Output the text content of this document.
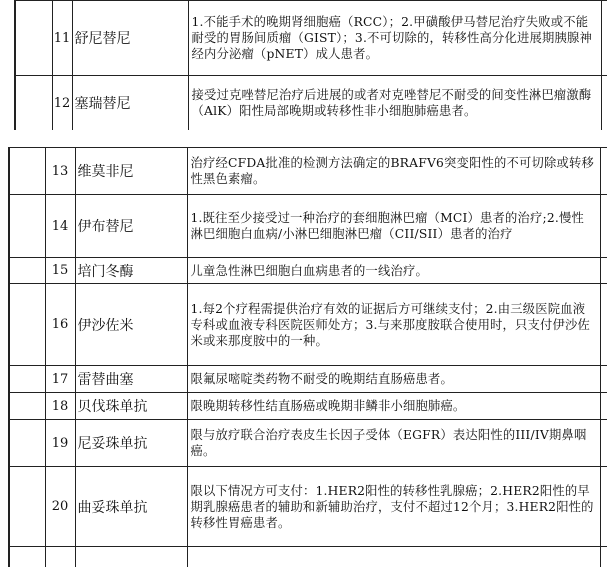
	11	舒尼替尼	1.不能手术的晚期肾细胞癌（RCC）；2.甲磺酸伊马替尼治疗失败或不能耐受的胃肠间质瘤（GIST）；3.不可切除的，转移性高分化进展期胰腺神经内分泌瘤（pNET）成人患者。	
	12	塞瑞替尼	接受过克唑替尼治疗后进展的或者对克唑替尼不耐受的间变性淋巴瘤激酶（AlK）阳性局部晚期或转移性非小细胞肺癌患者。	
	13	维莫非尼	治疗经CFDA批准的检测方法确定的BRAFV6突变阳性的不可切除或转移性黑色素瘤。	
	14	伊布替尼	1.既往至少接受过一种治疗的套细胞淋巴瘤（MCI）患者的治疗;2.慢性淋巴细胞白血病/小淋巴细胞淋巴瘤（CII/SII）患者的治疗	
	15	培门冬酶	儿童急性淋巴细胞白血病患者的一线治疗。	
	16	伊沙佐米	1.每2个疗程需提供治疗有效的证据后方可继续支付；2.由三级医院血液专科或血液专科医院医师处方；3.与来那度胺联合使用时，只支付伊沙佐米或来那度胺中的一种。	
	17	雷替曲塞	限氟尿嘧啶类药物不耐受的晚期结直肠癌患者。	
	18	贝伐珠单抗	限晚期转移性结直肠癌或晚期非鳞非小细胞肺癌。	
	19	尼妥珠单抗	限与放疗联合治疗表皮生长因子受体（EGFR）表达阳性的III/IV期鼻咽癌。	
	20	曲妥珠单抗	限以下情况方可支付：1.HER2阳性的转移性乳腺癌；2.HER2阳性的早期乳腺癌患者的辅助和新辅助治疗，支付不超过12个月；3.HER2阳性的转移性胃癌患者。	
